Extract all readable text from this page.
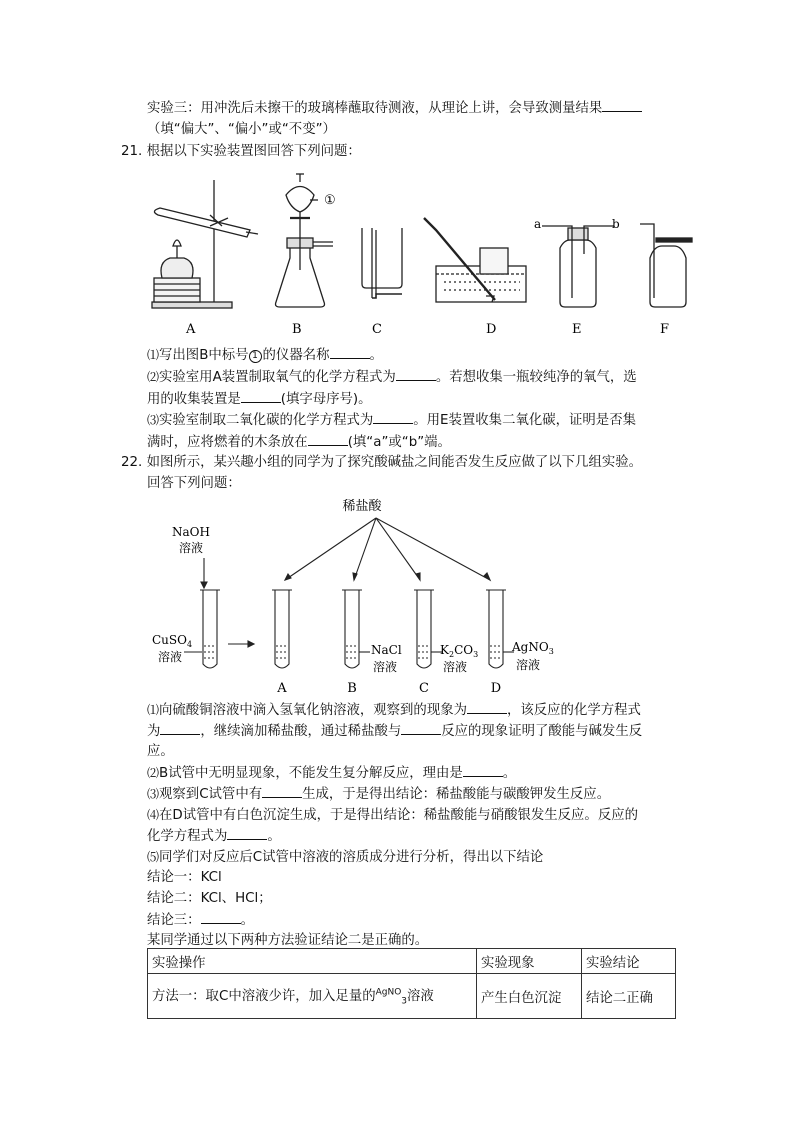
实验三：用冲洗后未擦干的玻璃棒蘸取待测液，从理论上讲，会导致测量结果
（填“偏大”、“偏小”或“不变”）
21. 根据以下实验装置图回答下列问题：
①
a	b
A	B	C	D	E	F
⑴写出图B中标号 1 的仪器名称	。
⑵实验室用A装置制取氧气的化学方程式为	。若想收集一瓶较纯净的氧气，选
用的收集装置是	(填字母序号)。
⑶实验室制取二氧化碳的化学方程式为	。用E装置收集二氧化碳，证明是否集
满时，应将燃着的木条放在	(填“a”或“b”端。
22. 如图所示，某兴趣小组的同学为了探究酸碱盐之间能否发生反应做了以下几组实验。
回答下列问题：
稀盐酸
NaOH
溶液
CuSO$_4$
溶液	NaCl
溶液
$K_2CO_3$
溶液
AgNO$_3$
溶液
A	B	C	D
⑴向硫酸铜溶液中滴入氢氧化钠溶液，观察到的现象为	，该反应的化学方程式
为	，继续滴加稀盐酸，通过稀盐酸与	反应的现象证明了酸能与碱发生反
应。
⑵B试管中无明显现象，不能发生复分解反应，理由是	。
⑶观察到C试管中有	生成，于是得出结论：稀盐酸能与碳酸钾发生反应。
⑷在D试管中有白色沉淀生成，于是得出结论：稀盐酸能与硝酸银发生反应。反应的
化学方程式为	。
⑸同学们对反应后C试管中溶液的溶质成分进行分析，得出以下结论
结论一：KCl
结论二：KCl、HCl；
结论三：	。
某同学通过以下两种方法验证结论二是正确的。
实验操作	实验现象	实验结论
方法一：取C中溶液少许，加入足量的$^{AgNO}_3$溶液	产生白色沉淀	结论二正确
